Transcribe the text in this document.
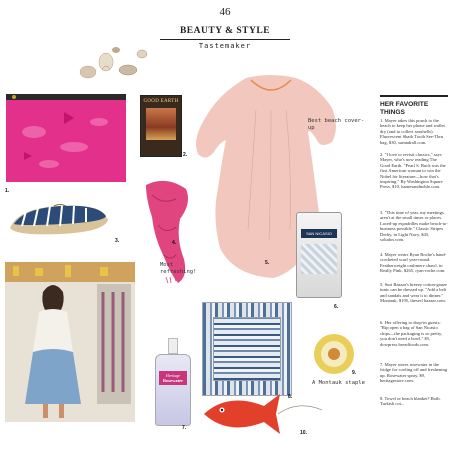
46
BEAUTY & STYLE
Tastemaker
1.
GOOD EARTH
2.
3.	4.
5.
Best beach cover-up
SAN NICASIO
6.
Heritage
Rosewater
7.
Most refreshing!
8.
9.
A Montauk staple
10.
HER FAVORITE THINGS
1. Mayer takes this pouch to the beach to keep her phone and wallet dry (and to collect seashells). Fluorescent Shark Tooth See-Thru bag, $30, sarnadrall.com.
2. "I love to revisit classics," says Mayer, who's now reading The Good Earth. "Pearl S. Buck was the first American woman to win the Nobel for literature—how that's inspiring." By Washington Square Press, $10, barnesandnoble.com.
3. "This time of year, my meetings aren't at the small times or places. Laced-up espadrilles make beach-to-business possible." Classic Stripes Derby, in Light Navy, $45, soludos.com.
4. Mayer wears Ryan Roche's hand-crocheted scarf year-round. Featherweight cashmere shawl, in Really Pink, $265, ryan-roche.com.
5. Suri Bazaar's breezy cotton-gauze tunic can be dressed up. "Add a belt and sandals and wear it to dinner." Montauk, $195, theserf bazaar.com.
6. Her offering to drop-in guests: "Rip open a bag of San Nicasio chips—the packaging is so pretty, you don't need a bowl." $5, dowpress breadfoods.com.
7. Mayer stores rosewater in the fridge for cooling off and freshening up. Rosewater spray, $9, heritagestore.com.
8. Towel or beach blanket? Both. Turkish cot...
